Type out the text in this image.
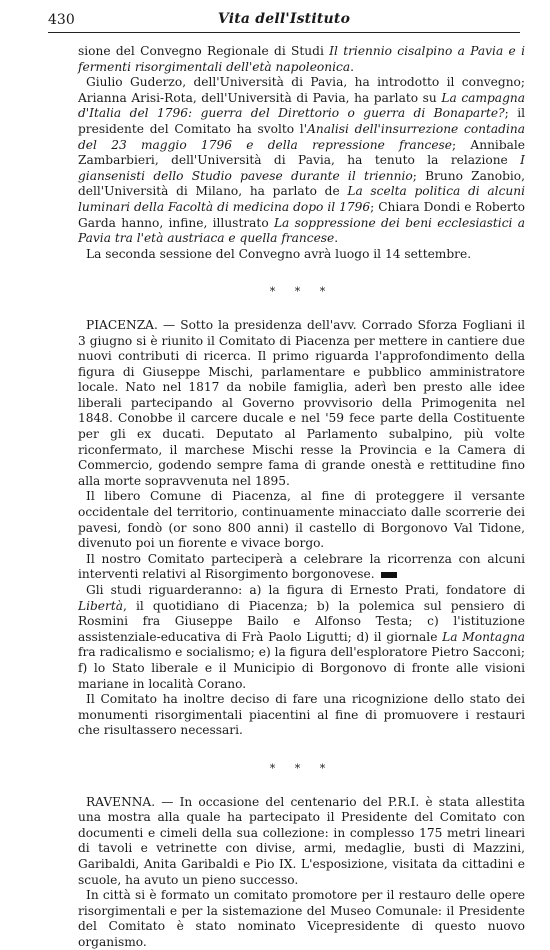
430	Vita dell'Istituto

sione del Convegno Regionale di Studi Il triennio cisalpino a Pavia e i fermenti risorgimentali dell'età napoleonica.

Giulio Guderzo, dell'Università di Pavia, ha introdotto il convegno; Arianna Arisi-Rota, dell'Università di Pavia, ha parlato su La campagna d'Italia del 1796: guerra del Direttorio o guerra di Bonaparte?; il presidente del Comitato ha svolto l'Analisi dell'insurrezione contadina del 23 maggio 1796 e della repressione francese; Annibale Zambarbieri, dell'Università di Pavia, ha tenuto la relazione I giansenisti dello Studio pavese durante il triennio; Bruno Zanobio, dell'Università di Milano, ha parlato de La scelta politica di alcuni luminari della Facoltà di medicina dopo il 1796; Chiara Dondi e Roberto Garda hanno, infine, illustrato La soppressione dei beni ecclesiastici a Pavia tra l'età austriaca e quella francese.

La seconda sessione del Convegno avrà luogo il 14 settembre.

* * *

PIACENZA. — Sotto la presidenza dell'avv. Corrado Sforza Fogliani il 3 giugno si è riunito il Comitato di Piacenza per mettere in cantiere due nuovi contributi di ricerca. Il primo riguarda l'approfondimento della figura di Giuseppe Mischi, parlamentare e pubblico amministratore locale. Nato nel 1817 da nobile famiglia, aderì ben presto alle idee liberali partecipando al Governo provvisorio della Primogenita nel 1848. Conobbe il carcere ducale e nel '59 fece parte della Costituente per gli ex ducati. Deputato al Parlamento subalpino, più volte riconfermato, il marchese Mischi resse la Provincia e la Camera di Commercio, godendo sempre fama di grande onestà e rettitudine fino alla morte sopravvenuta nel 1895.

Il libero Comune di Piacenza, al fine di proteggere il versante occidentale del territorio, continuamente minacciato dalle scorrerie dei pavesi, fondò (or sono 800 anni) il castello di Borgonovo Val Tidone, divenuto poi un fiorente e vivace borgo.

Il nostro Comitato parteciperà a celebrare la ricorrenza con alcuni interventi relativi al Risorgimento borgonovese.

Gli studi riguarderanno: a) la figura di Ernesto Prati, fondatore di Libertà, il quotidiano di Piacenza; b) la polemica sul pensiero di Rosmini fra Giuseppe Bailo e Alfonso Testa; c) l'istituzione assistenziale-educativa di Frà Paolo Ligutti; d) il giornale La Montagna fra radicalismo e socialismo; e) la figura dell'esploratore Pietro Sacconi; f) lo Stato liberale e il Municipio di Borgonovo di fronte alle visioni mariane in località Corano.

Il Comitato ha inoltre deciso di fare una ricognizione dello stato dei monumenti risorgimentali piacentini al fine di promuovere i restauri che risultassero necessari.

* * *

RAVENNA. — In occasione del centenario del P.R.I. è stata allestita una mostra alla quale ha partecipato il Presidente del Comitato con documenti e cimeli della sua collezione: in complesso 175 metri lineari di tavoli e vetrinette con divise, armi, medaglie, busti di Mazzini, Garibaldi, Anita Garibaldi e Pio IX. L'esposizione, visitata da cittadini e scuole, ha avuto un pieno successo.

In città si è formato un comitato promotore per il restauro delle opere risorgimentali e per la sistemazione del Museo Comunale: il Presidente del Comitato è stato nominato Vicepresidente di questo nuovo organismo.
